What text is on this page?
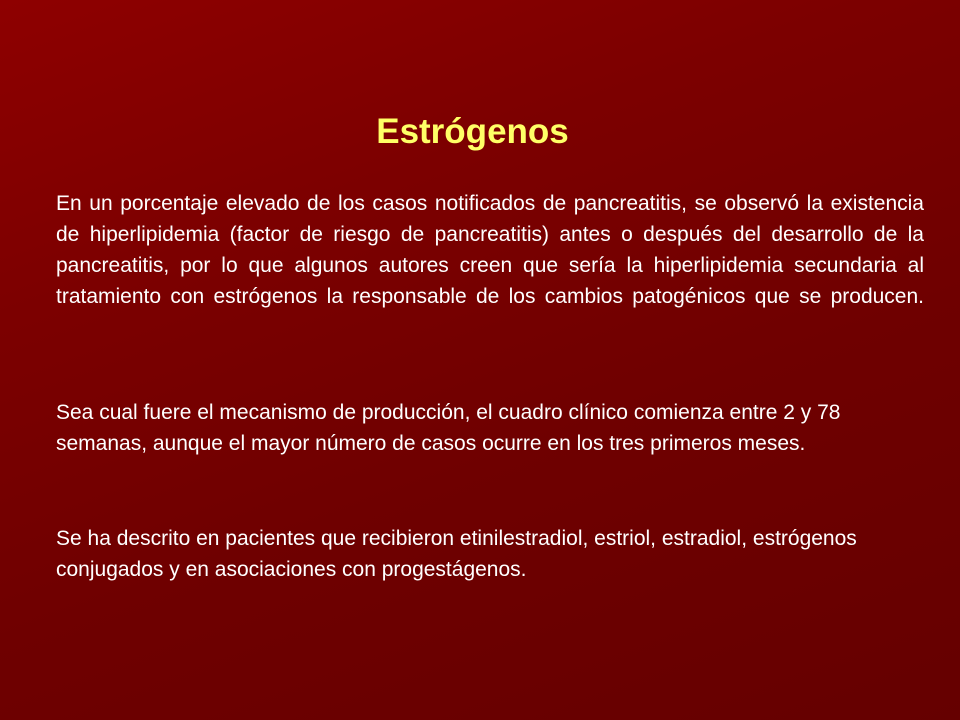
Estrógenos
En un porcentaje elevado de los casos notificados de pancreatitis, se observó la existencia de hiperlipidemia (factor de riesgo de pancreatitis) antes o después del desarrollo de la pancreatitis, por lo que algunos autores creen que sería la hiperlipidemia secundaria al tratamiento con estrógenos la responsable de los cambios patogénicos que se producen.
Sea cual fuere el mecanismo de producción, el cuadro clínico comienza entre 2 y 78 semanas, aunque el mayor número de casos ocurre en los tres primeros meses.
Se ha descrito en pacientes que recibieron etinilestradiol, estriol, estradiol, estrógenos conjugados y en asociaciones con progestágenos.
